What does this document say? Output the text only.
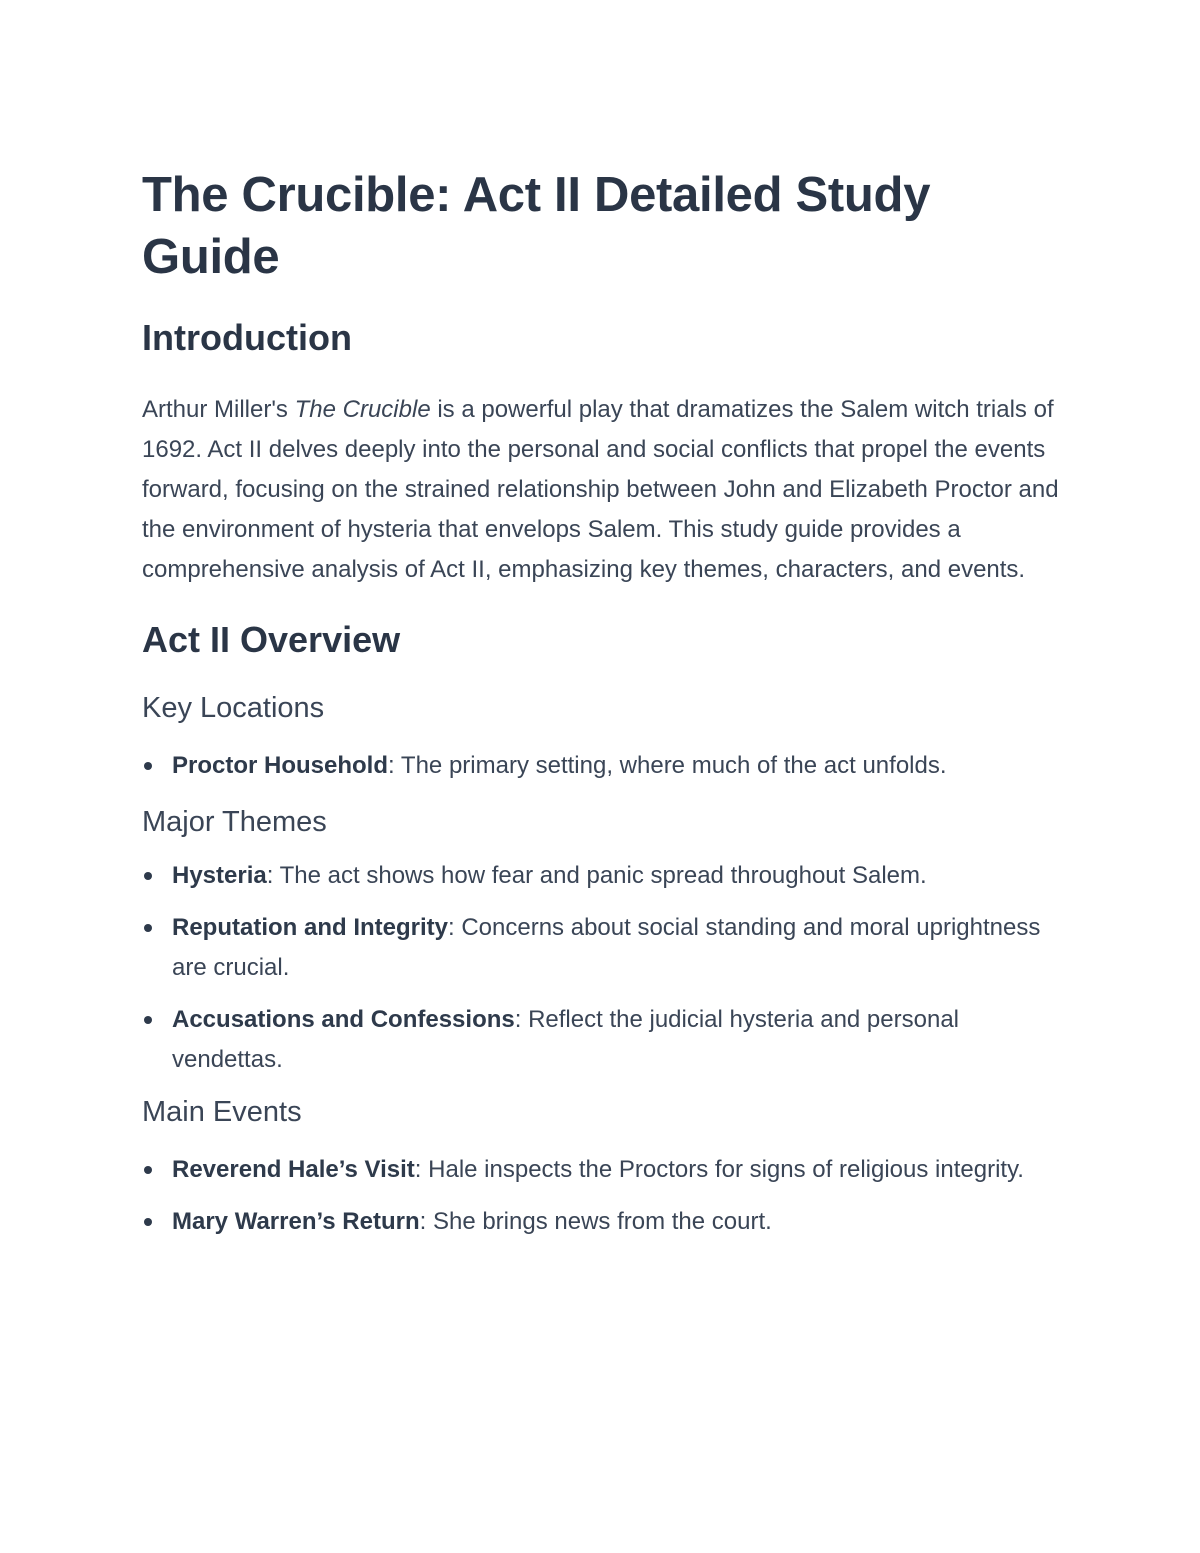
The Crucible: Act II Detailed Study Guide
Introduction

Arthur Miller's The Crucible is a powerful play that dramatizes the Salem witch trials of 1692. Act II delves deeply into the personal and social conflicts that propel the events forward, focusing on the strained relationship between John and Elizabeth Proctor and the environment of hysteria that envelops Salem. This study guide provides a comprehensive analysis of Act II, emphasizing key themes, characters, and events.

Act II Overview
Key Locations
Proctor Household: The primary setting, where much of the act unfolds.
Major Themes
Hysteria: The act shows how fear and panic spread throughout Salem.
Reputation and Integrity: Concerns about social standing and moral uprightness are crucial.
Accusations and Confessions: Reflect the judicial hysteria and personal vendettas.
Main Events
Reverend Hale’s Visit: Hale inspects the Proctors for signs of religious integrity.
Mary Warren’s Return: She brings news from the court.
